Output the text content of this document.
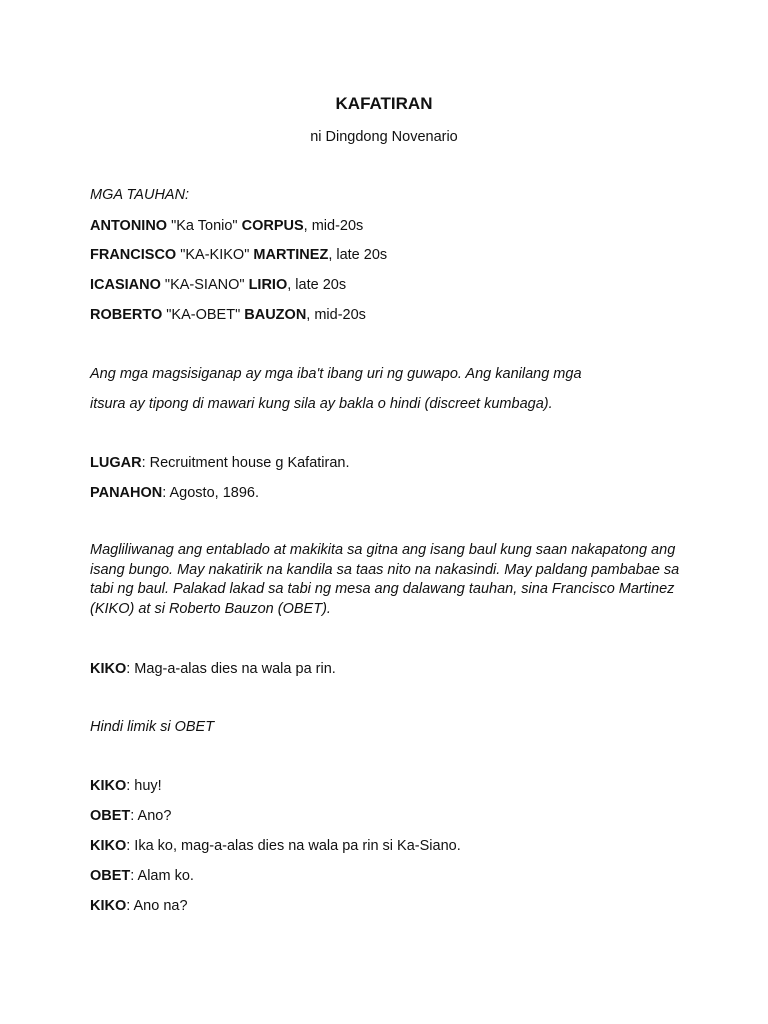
KAFATIRAN
ni Dingdong Novenario
MGA TAUHAN:
ANTONINO "Ka Tonio" CORPUS, mid-20s
FRANCISCO "KA-KIKO" MARTINEZ, late 20s
ICASIANO "KA-SIANO" LIRIO, late 20s
ROBERTO "KA-OBET" BAUZON, mid-20s
Ang mga magsisiganap ay mga iba't ibang uri ng guwapo. Ang kanilang mga
itsura ay tipong di mawari kung sila ay bakla o hindi (discreet kumbaga).
LUGAR: Recruitment house g Kafatiran.
PANAHON: Agosto, 1896.

Magliliwanag ang entablado at makikita sa gitna ang isang baul kung saan nakapatong ang isang bungo. May nakatirik na kandila sa taas nito na nakasindi. May paldang pambabae sa tabi ng baul. Palakad lakad sa tabi ng mesa ang dalawang tauhan, sina Francisco Martinez (KIKO) at si Roberto Bauzon (OBET).

KIKO: Mag-a-alas dies na wala pa rin.
Hindi limik si OBET
KIKO: huy!
OBET: Ano?
KIKO: Ika ko, mag-a-alas dies na wala pa rin si Ka-Siano.
OBET: Alam ko.
KIKO: Ano na?
